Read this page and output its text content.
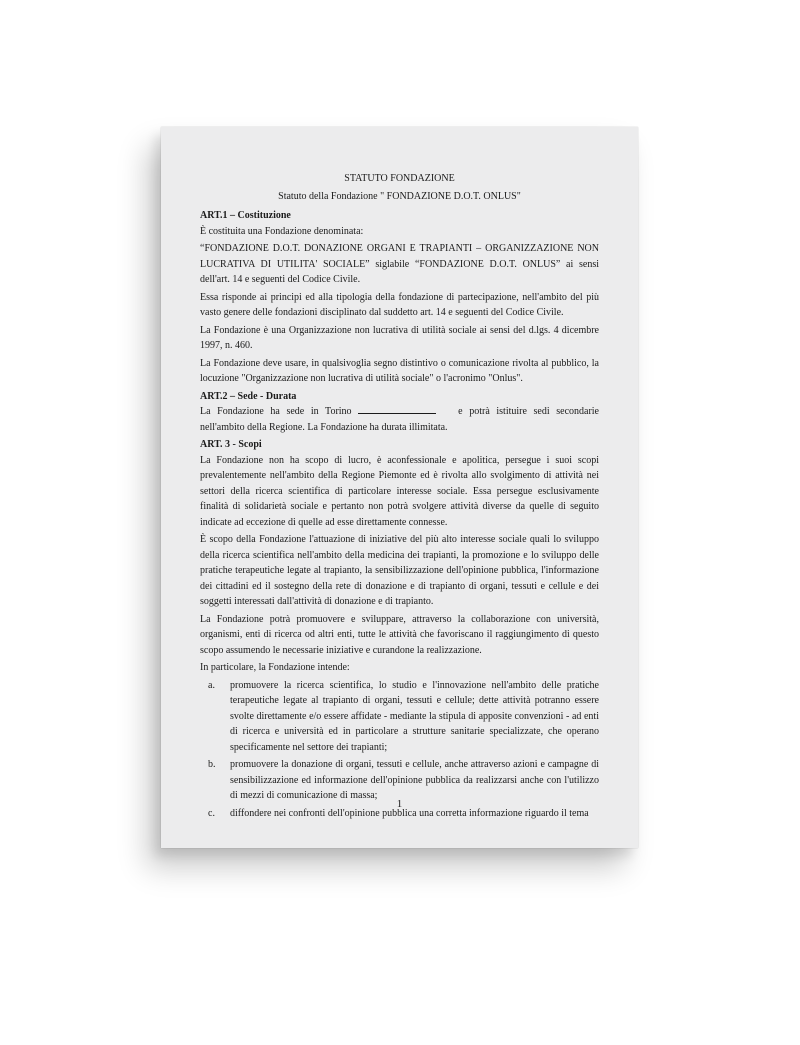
STATUTO FONDAZIONE
Statuto della Fondazione " FONDAZIONE D.O.T. ONLUS"
ART.1 – Costituzione

È costituita una Fondazione denominata:

“FONDAZIONE D.O.T. DONAZIONE ORGANI E TRAPIANTI – ORGANIZZAZIONE NON LUCRATIVA DI UTILITA' SOCIALE” siglabile “FONDAZIONE D.O.T. ONLUS” ai sensi dell'art. 14 e seguenti del Codice Civile.

Essa risponde ai principi ed alla tipologia della fondazione di partecipazione, nell'ambito del più vasto genere delle fondazioni disciplinato dal suddetto art. 14 e seguenti del Codice Civile.

La Fondazione è una Organizzazione non lucrativa di utilità sociale ai sensi del d.lgs. 4 dicembre 1997, n. 460.

La Fondazione deve usare, in qualsivoglia segno distintivo o comunicazione rivolta al pubblico, la locuzione "Organizzazione non lucrativa di utilità sociale" o l'acronimo "Onlus".

ART.2 – Sede - Durata

La Fondazione ha sede in Torino	e potrà istituire sedi secondarie nell'ambito della Regione. La Fondazione ha durata illimitata.

ART. 3 - Scopi

La Fondazione non ha scopo di lucro, è aconfessionale e apolitica, persegue i suoi scopi prevalentemente nell'ambito della Regione Piemonte ed è rivolta allo svolgimento di attività nei settori della ricerca scientifica di particolare interesse sociale. Essa persegue esclusivamente finalità di solidarietà sociale e pertanto non potrà svolgere attività diverse da quelle di seguito indicate ad eccezione di quelle ad esse direttamente connesse.

È scopo della Fondazione l'attuazione di iniziative del più alto interesse sociale quali lo sviluppo della ricerca scientifica nell'ambito della medicina dei trapianti, la promozione e lo sviluppo delle pratiche terapeutiche legate al trapianto, la sensibilizzazione dell'opinione pubblica, l'informazione dei cittadini ed il sostegno della rete di donazione e di trapianto di organi, tessuti e cellule e dei soggetti interessati dall'attività di donazione e di trapianto.

La Fondazione potrà promuovere e sviluppare, attraverso la collaborazione con università, organismi, enti di ricerca od altri enti, tutte le attività che favoriscano il raggiungimento di questo scopo assumendo le necessarie iniziative e curandone la realizzazione.

In particolare, la Fondazione intende:

a. promuovere la ricerca scientifica, lo studio e l'innovazione nell'ambito delle pratiche terapeutiche legate al trapianto di organi, tessuti e cellule; dette attività potranno essere svolte direttamente e/o essere affidate - mediante la stipula di apposite convenzioni - ad enti di ricerca e università ed in particolare a strutture sanitarie specializzate, che operano specificamente nel settore dei trapianti;
b. promuovere la donazione di organi, tessuti e cellule, anche attraverso azioni e campagne di sensibilizzazione ed informazione dell'opinione pubblica da realizzarsi anche con l'utilizzo di mezzi di comunicazione di massa;
c. diffondere nei confronti dell'opinione pubblica una corretta informazione riguardo il tema
1
